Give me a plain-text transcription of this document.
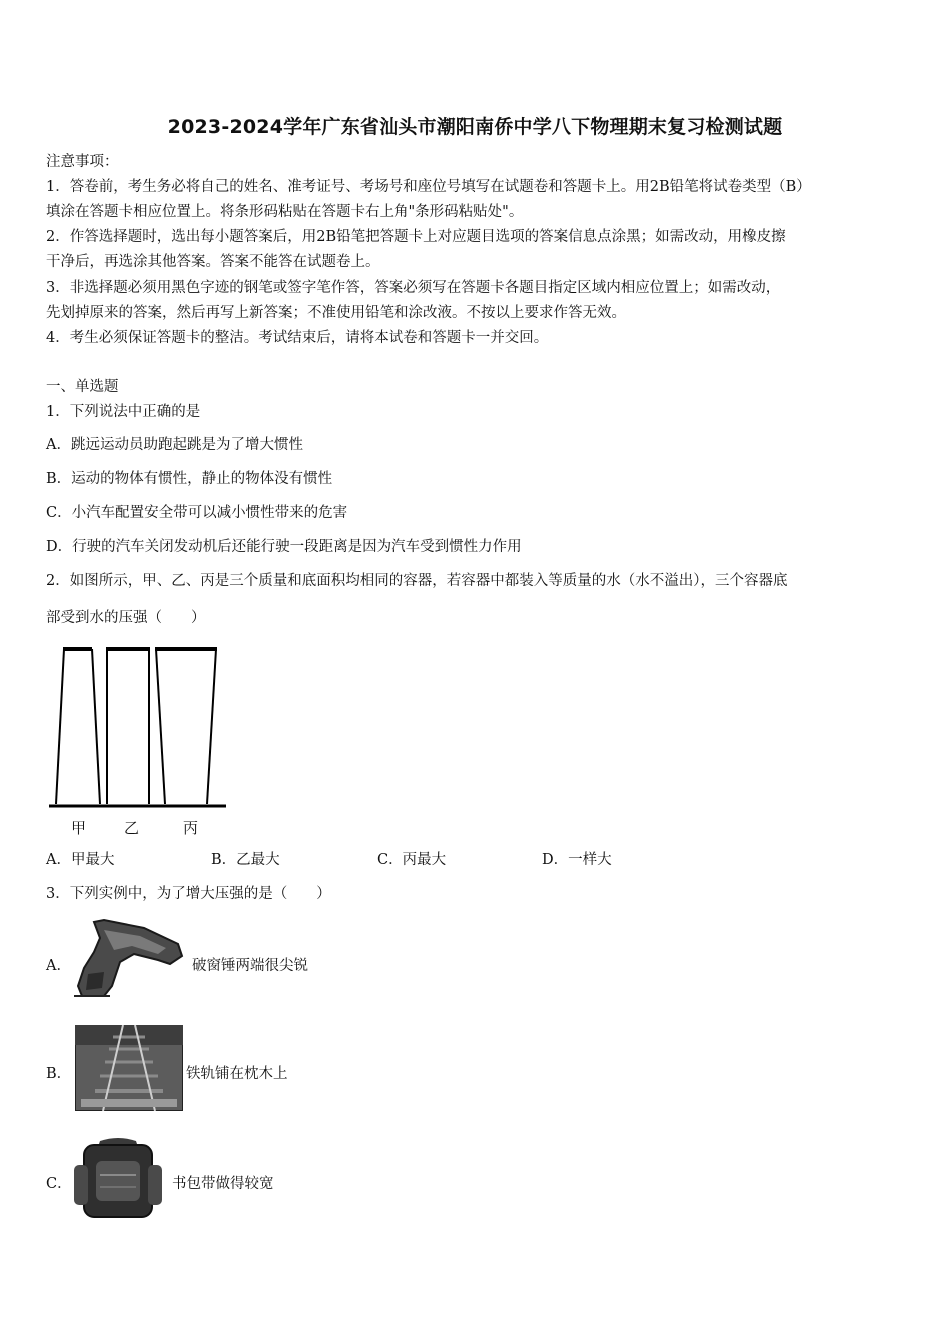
2023-2024学年广东省汕头市潮阳南侨中学八下物理期末复习检测试题
注意事项：
1．答卷前，考生务必将自己的姓名、准考证号、考场号和座位号填写在试题卷和答题卡上。用2B铅笔将试卷类型（B）
填涂在答题卡相应位置上。将条形码粘贴在答题卡右上角"条形码粘贴处"。
2．作答选择题时，选出每小题答案后，用2B铅笔把答题卡上对应题目选项的答案信息点涂黑；如需改动，用橡皮擦
干净后，再选涂其他答案。答案不能答在试题卷上。
3．非选择题必须用黑色字迹的钢笔或签字笔作答，答案必须写在答题卡各题目指定区域内相应位置上；如需改动，
先划掉原来的答案，然后再写上新答案；不准使用铅笔和涂改液。不按以上要求作答无效。
4．考生必须保证答题卡的整洁。考试结束后，请将本试卷和答题卡一并交回。
一、单选题
1．下列说法中正确的是
A．跳远运动员助跑起跳是为了增大惯性
B．运动的物体有惯性，静止的物体没有惯性
C．小汽车配置安全带可以减小惯性带来的危害
D．行驶的汽车关闭发动机后还能行驶一段距离是因为汽车受到惯性力作用
2．如图所示，甲、乙、丙是三个质量和底面积均相同的容器，若容器中都装入等质量的水（水不溢出），三个容器底
部受到水的压强（　　）
甲	乙	丙
A．甲最大	B．乙最大	C．丙最大	D．一样大
3．下列实例中，为了增大压强的是（　　）
A．	破窗锤两端很尖锐
B．	铁轨铺在枕木上
C．	书包带做得较宽
